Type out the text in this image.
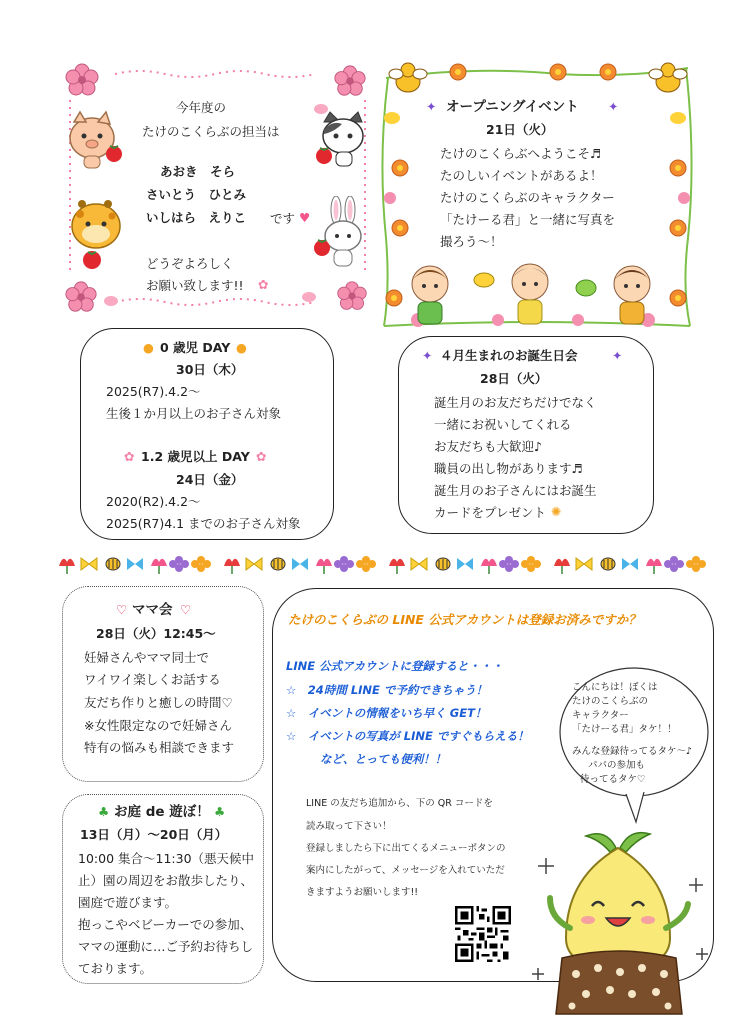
今年度の
たけのこくらぶの担当は
あおき　そら
さいとう　ひとみ
いしはら　えりこ です ♥
どうぞよろしく
お願い致します!! ✿
✦ オープニングイベント ✦
21日（火）
たけのこくらぶへようこそ♬
たのしいイベントがあるよ！
たけのこくらぶのキャラクター
「たけーる君」と一緒に写真を
撮ろう～！
● 0 歳児 DAY ●
30日（木）
2025(R7).4.2～
生後１か月以上のお子さん対象
✿ 1.2 歳児以上 DAY ✿
24日（金）
2020(R2).4.2～
2025(R7)4.1 までのお子さん対象
✦ ４月生まれのお誕生日会	✦
28日（火）
誕生月のお友だちだけでなく
一緒にお祝いしてくれる
お友だちも大歓迎♪
職員の出し物があります♬
誕生月のお子さんにはお誕生
カードをプレゼント ✺
♡ ママ会 ♡
28日（火）12:45～
妊婦さんやママ同士で
ワイワイ楽しくお話する
友だち作りと癒しの時間♡
※女性限定なので妊婦さん
特有の悩みも相談できます
♣ お庭 de 遊ぼ！ ♣
13日（月）～20日（月）
10:00 集合～11:30（悪天候中
止）園の周辺をお散歩したり、
園庭で遊びます。
抱っこやベビーカーでの参加、
ママの運動に…ご予約お待ちし
ております。
たけのこくらぶの LINE 公式アカウントは登録お済みですか？
LINE 公式アカウントに登録すると・・・
☆　24時間 LINE で予約できちゃう！
☆　イベントの情報をいち早く GET！
☆　イベントの写真が LINE ですぐもらえる！
など、とっても便利！！
LINE の友だち追加から、下の QR コードを
読み取って下さい！
登録しましたら下に出てくるメニューボタンの
案内にしたがって、メッセージを入れていただ
きますようお願いします!!
こんにちは！ぼくは
たけのこくらぶの
キャラクター
「たけーる君」タケ！！
みんな登録待ってるタケ～♪
パパの参加も
待ってるタケ♡
